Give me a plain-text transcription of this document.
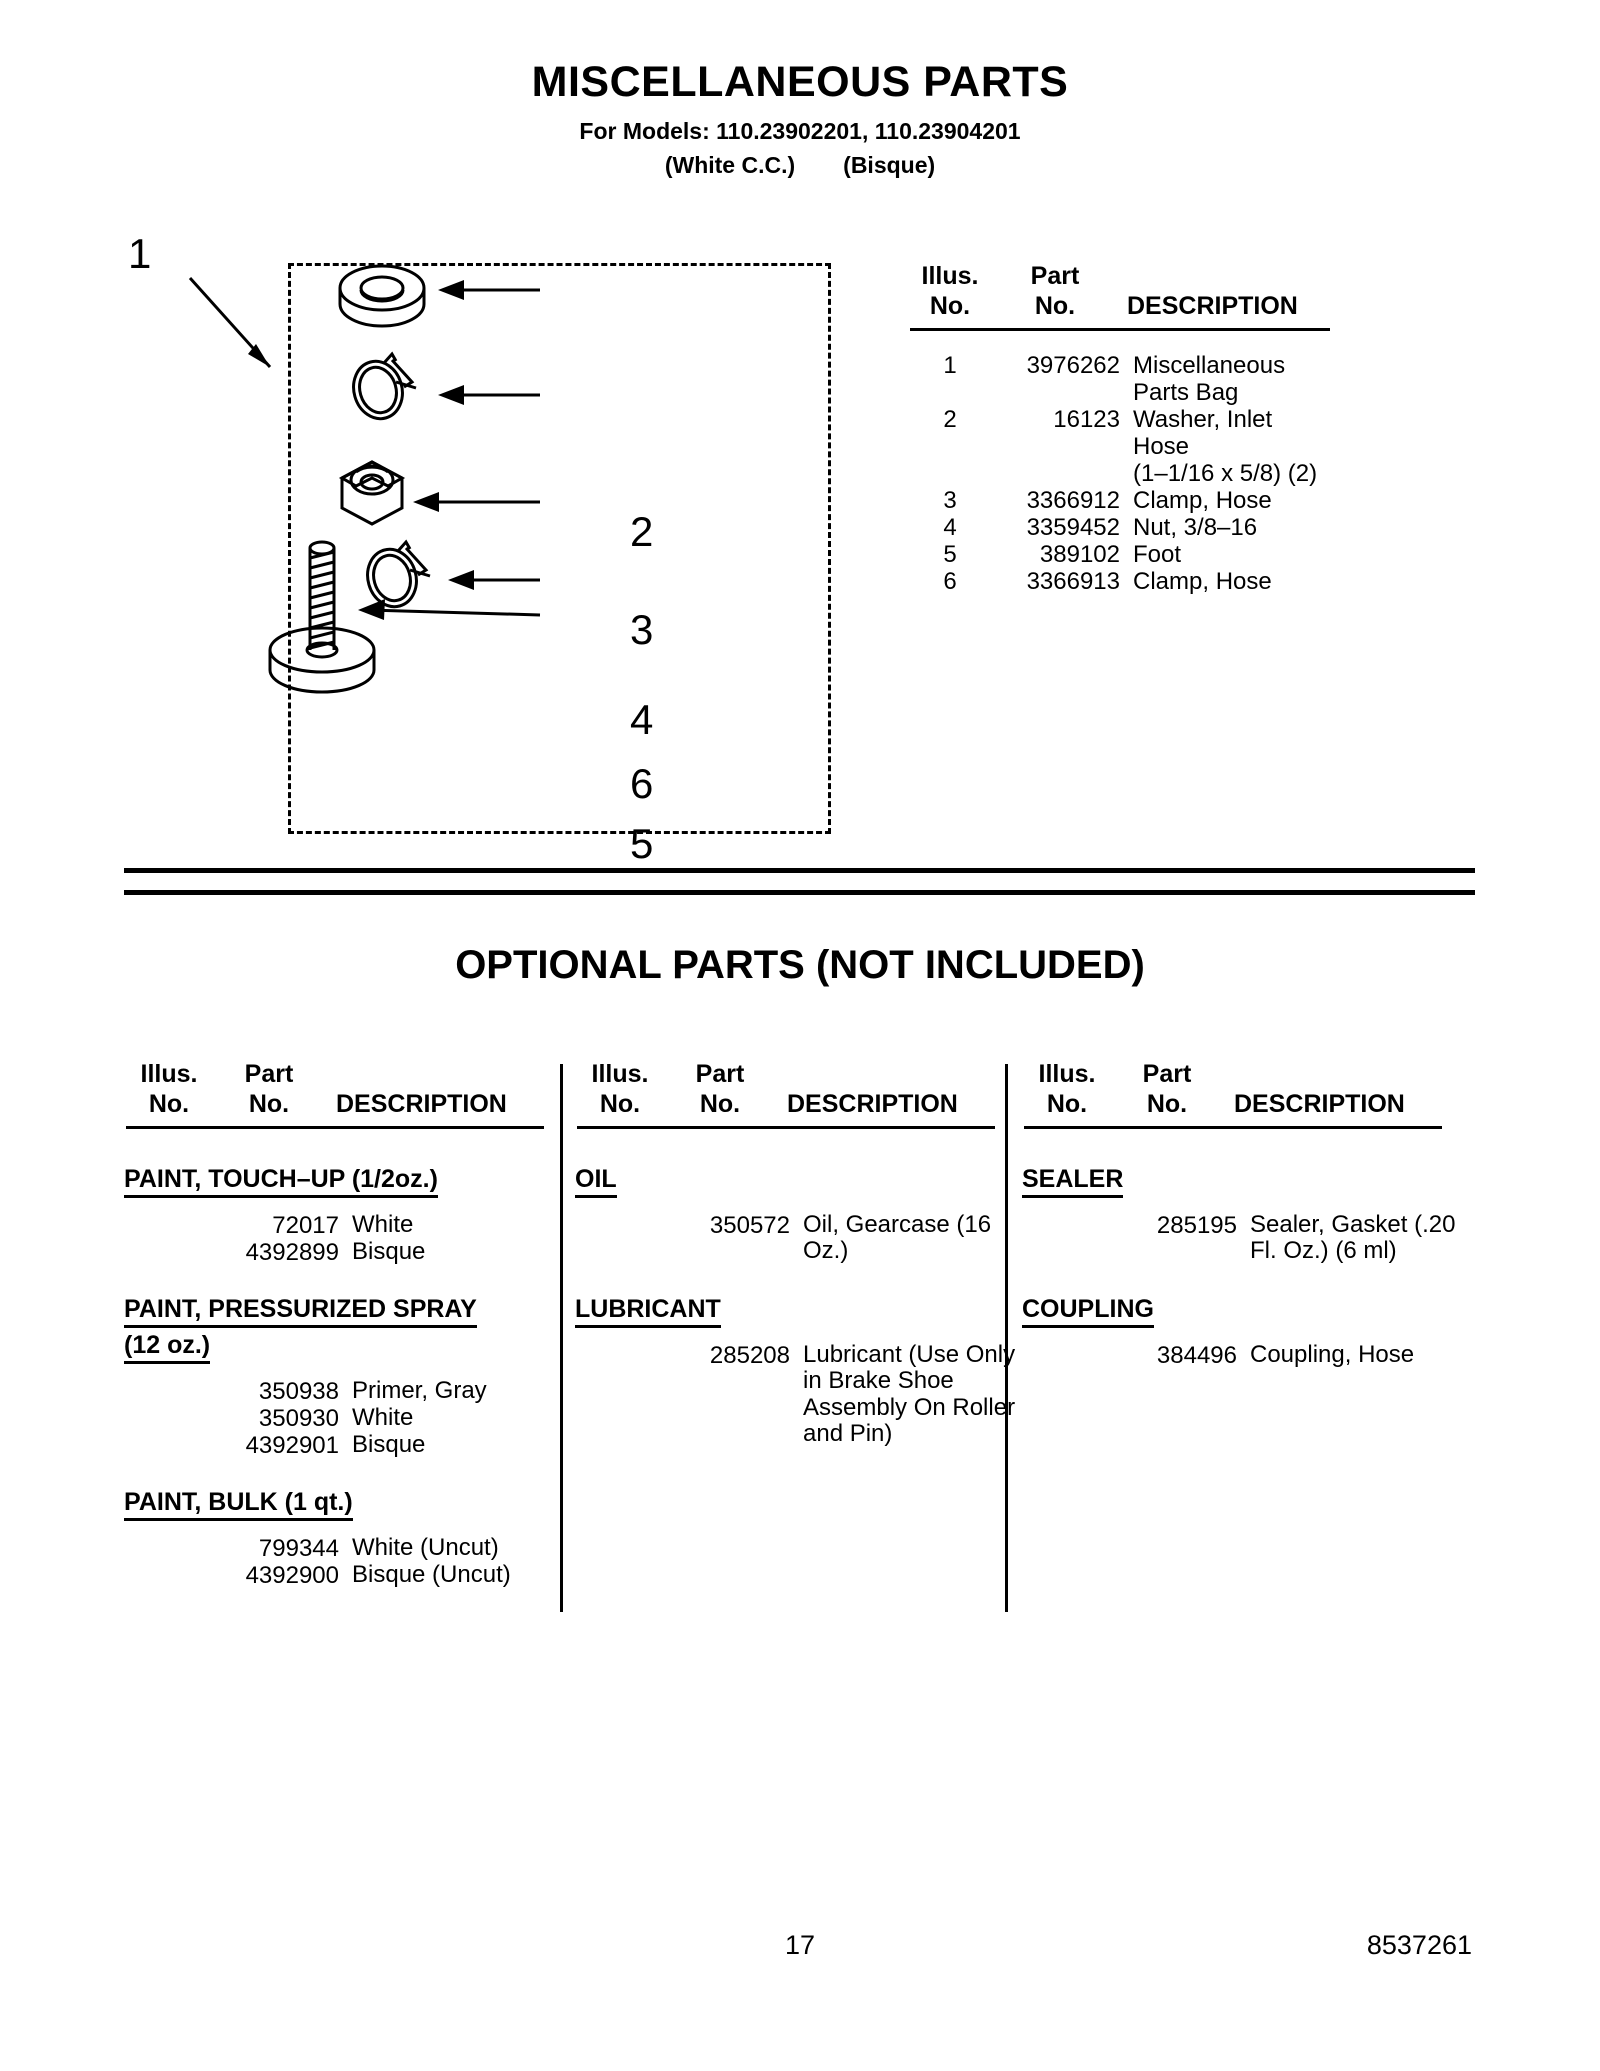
MISCELLANEOUS PARTS
For Models: 110.23902201, 110.23904201
(White C.C.) (Bisque)
1
2
3
4
5
6
Illus.
No.
Part
No.	DESCRIPTION
1	3976262 Miscellaneous
Parts Bag
2	16123 Washer, Inlet
Hose
(1–1/16 x 5/8) (2)
3	3366912 Clamp, Hose
4	3359452 Nut, 3/8–16
5	389102 Foot
6	3366913 Clamp, Hose
OPTIONAL PARTS (NOT INCLUDED)
Illus.
No.
Part
No.	DESCRIPTION
PAINT, TOUCH–UP (1/2oz.)
72017 White
4392899 Bisque
PAINT, PRESSURIZED SPRAY
(12 oz.)
350938 Primer, Gray
350930 White
4392901 Bisque
PAINT, BULK (1 qt.)
799344 White (Uncut)
4392900 Bisque (Uncut)
Illus.
No.
Part
No.	DESCRIPTION
OIL
350572 Oil, Gearcase (16 Oz.)
LUBRICANT
285208 Lubricant (Use Only in Brake Shoe Assembly On Roller and Pin)
Illus.
No.
Part
No.	DESCRIPTION
SEALER
285195 Sealer, Gasket (.20 Fl. Oz.) (6 ml)
COUPLING
384496 Coupling, Hose
17	8537261
